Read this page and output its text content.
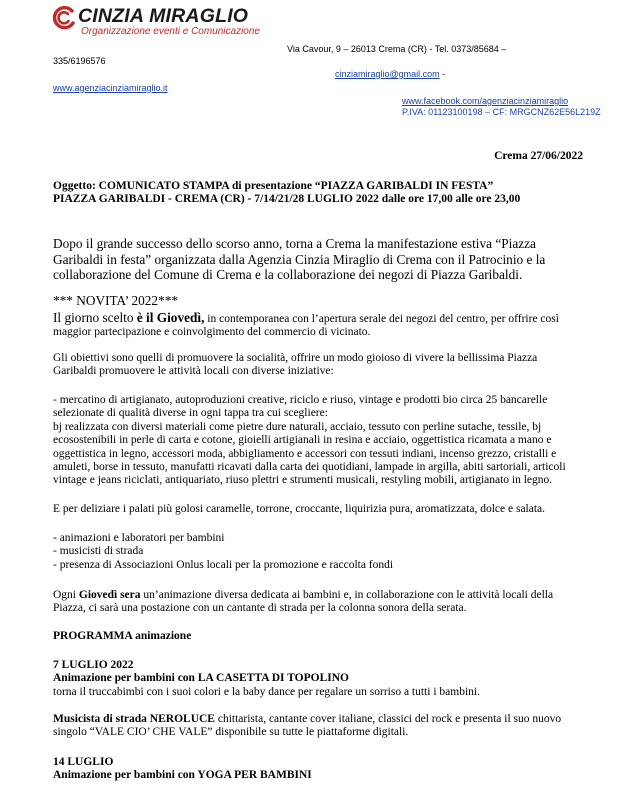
CINZIA MIRAGLIO
Organizzazione eventi e Comunicazione
Via Cavour, 9 – 26013 Crema (CR) - Tel. 0373/85684 –
335/6196576
cinziamiraglio@gmail.com -
www.agenziacinziamiraglio.it
www.facebook.com/agenziacinziamiraglio
P.IVA: 01123100198 – CF: MRGCNZ62E56L219Z
Crema 27/06/2022
Oggetto: COMUNICATO STAMPA di presentazione “PIAZZA GARIBALDI IN FESTA”
PIAZZA GARIBALDI - CREMA (CR) - 7/14/21/28 LUGLIO 2022 dalle ore 17,00 alle ore 23,00
Dopo il grande successo dello scorso anno, torna a Crema la manifestazione estiva “Piazza Garibaldi in festa” organizzata dalla Agenzia Cinzia Miraglio di Crema con il Patrocinio e la collaborazione del Comune di Crema e la collaborazione dei negozi di Piazza Garibaldi.
*** NOVITA’ 2022***
Il giorno scelto è il Giovedì, in contemporanea con l’apertura serale dei negozi del centro, per offrire così maggior partecipazione e coinvolgimento del commercio di vicinato.
Gli obiettivi sono quelli di promuovere la socialità, offrire un modo gioioso di vivere la bellissima Piazza Garibaldi promuovere le attività locali con diverse iniziative:
- mercatino di artigianato, autoproduzioni creative, riciclo e riuso, vintage e prodotti bio circa 25 bancarelle selezionate di qualità diverse in ogni tappa tra cui scegliere:
bj realizzata con diversi materiali come pietre dure naturali, acciaio, tessuto con perline sutache, tessile, bj ecosostenibili in perle di carta e cotone, gioielli artigianali in resina e acciaio, oggettistica ricamata a mano e oggettistica in legno, accessori moda, abbigliamento e accessori con tessuti indiani, incenso grezzo, cristalli e amuleti, borse in tessuto, manufatti ricavati dalla carta dei quotidiani, lampade in argilla, abiti sartoriali, articoli vintage e jeans riciclati, antiquariato, riuso plettri e strumenti musicali, restyling mobili, artigianato in legno.
E per deliziare i palati più golosi caramelle, torrone, croccante, liquirizia pura, aromatizzata, dolce e salata.
- animazioni e laboratori per bambini
- musicisti di strada
- presenza di Associazioni Onlus locali per la promozione e raccolta fondi
Ogni Giovedì sera un’animazione diversa dedicata ai bambini e, in collaborazione con le attività locali della Piazza, ci sarà una postazione con un cantante di strada per la colonna sonora della serata.
PROGRAMMA animazione
7 LUGLIO 2022
Animazione per bambini con LA CASETTA DI TOPOLINO
torna il truccabimbi con i suoi colori e la baby dance per regalare un sorriso a tutti i bambini.
Musicista di strada NEROLUCE chittarista, cantante cover italiane, classici del rock e presenta il suo nuovo singolo “VALE CIO’ CHE VALE” disponibile su tutte le piattaforme digitali.
14 LUGLIO
Animazione per bambini con YOGA PER BAMBINI
